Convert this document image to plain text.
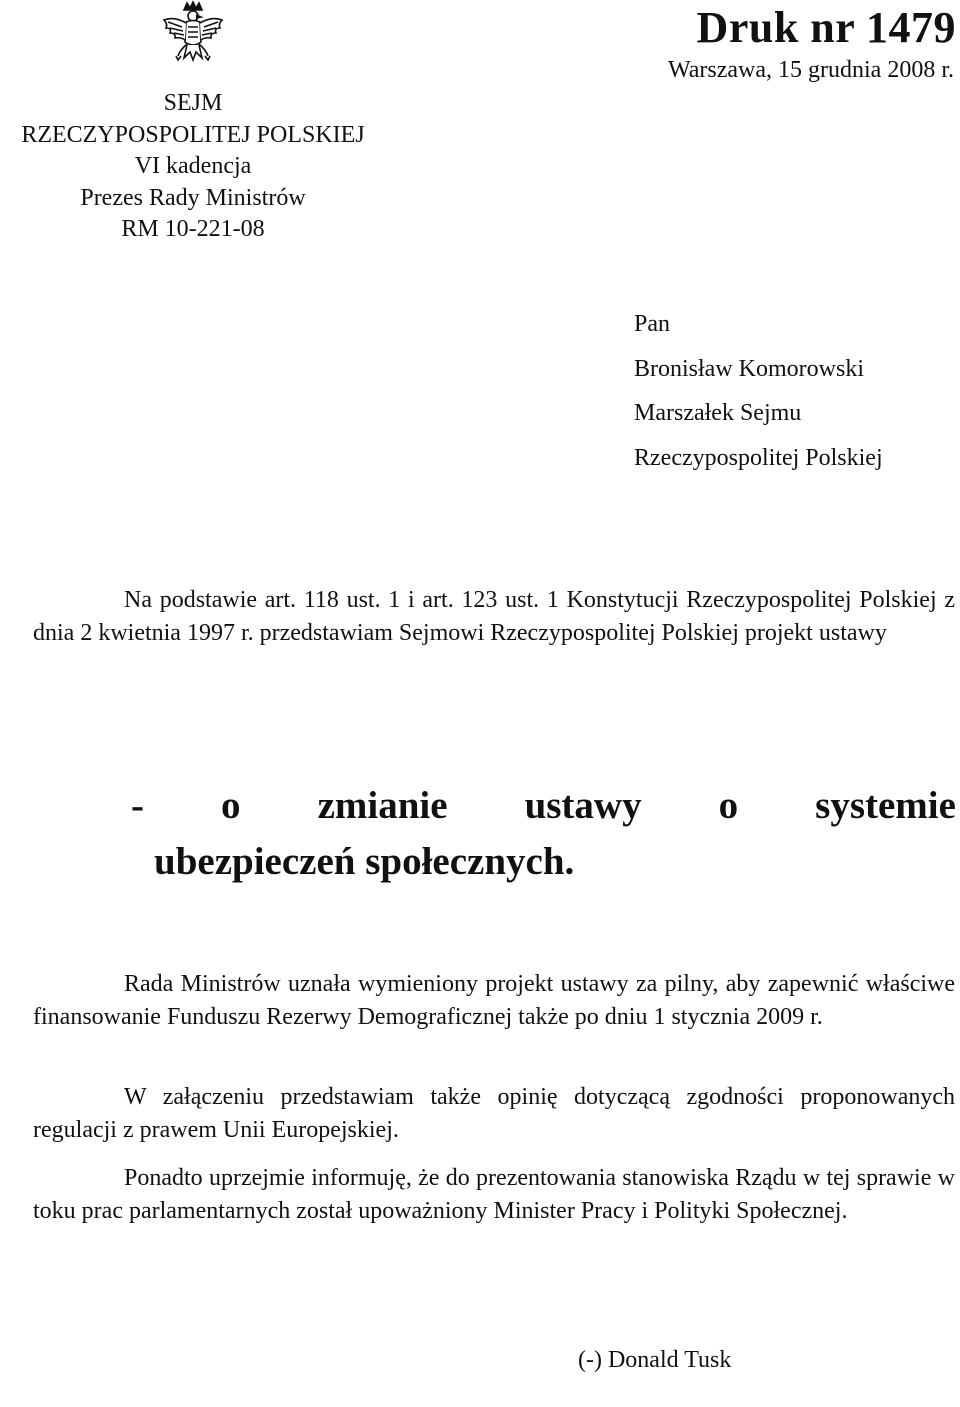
SEJM
RZECZYPOSPOLITEJ POLSKIEJ
VI kadencja
Prezes Rady Ministrów
RM 10-221-08
Druk nr 1479
Warszawa, 15 grudnia 2008 r.
Pan
Bronisław Komorowski
Marszałek Sejmu
Rzeczypospolitej Polskiej
Na podstawie art. 118 ust. 1 i art. 123 ust. 1 Konstytucji Rzeczypospolitej Polskiej z dnia 2 kwietnia 1997 r. przedstawiam Sejmowi Rzeczypospolitej Polskiej projekt ustawy
- o zmianie ustawy o systemie
ubezpieczeń społecznych.
Rada Ministrów uznała wymieniony projekt ustawy za pilny, aby zapewnić właściwe finansowanie Funduszu Rezerwy Demograficznej także po dniu 1 stycznia 2009 r.
W załączeniu przedstawiam także opinię dotyczącą zgodności proponowanych regulacji z prawem Unii Europejskiej.
Ponadto uprzejmie informuję, że do prezentowania stanowiska Rządu w tej sprawie w toku prac parlamentarnych został upoważniony Minister Pracy i Polityki Społecznej.
(-) Donald Tusk
